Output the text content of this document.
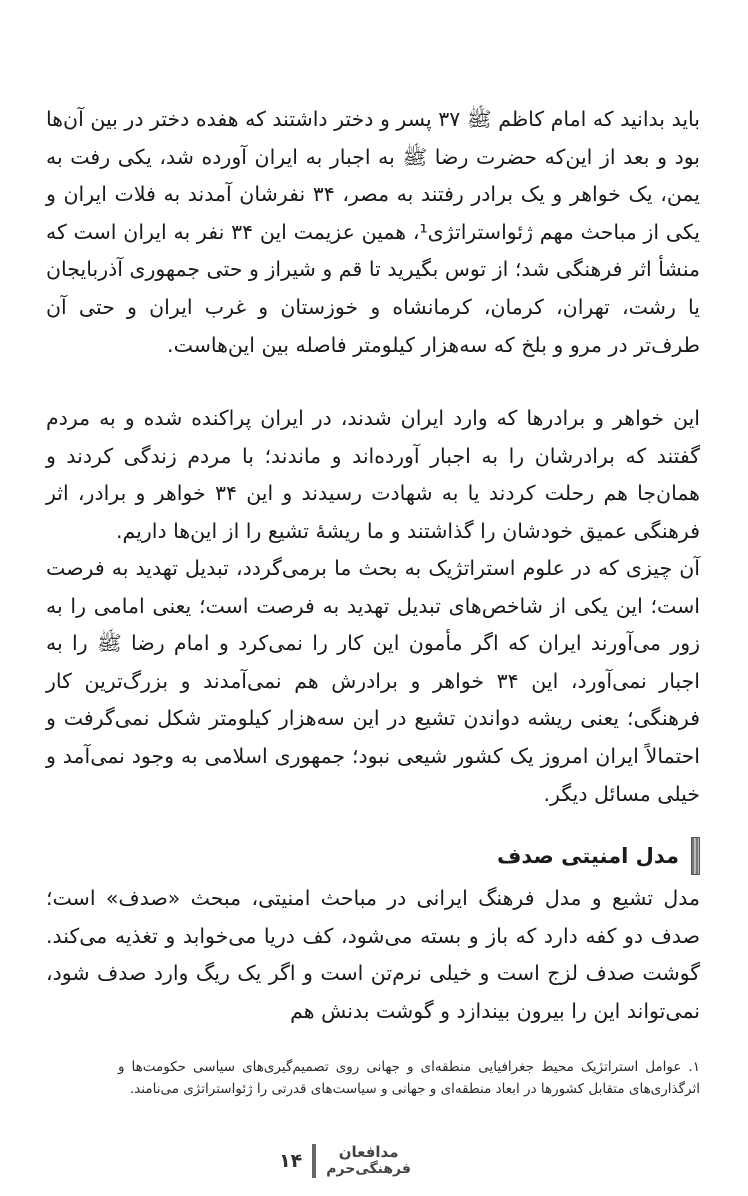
باید بدانید که امام کاظم ﷺ ۳۷ پسر و دختر داشتند که هفده دختر در بین آن‌ها بود و بعد از این‌که حضرت رضا ﷺ به اجبار به ایران آورده شد، یکی رفت به یمن، یک خواهر و یک برادر رفتند به مصر، ۳۴ نفرشان آمدند به فلات ایران و یکی از مباحث مهم ژئواستراتژی¹، همین عزیمت این ۳۴ نفر به ایران است که منشأ اثر فرهنگی شد؛ از توس بگیرید تا قم و شیراز و حتی جمهوری آذربایجان یا رشت، تهران، کرمان، کرمانشاه و خوزستان و غرب ایران و حتی آن طرف‌تر در مرو و بلخ که سه‌هزار کیلومتر فاصله بین این‌هاست.

این خواهر و برادرها که وارد ایران شدند، در ایران پراکنده شده و به مردم گفتند که برادرشان را به اجبار آورده‌اند و ماندند؛ با مردم زندگی کردند و همان‌جا هم رحلت کردند یا به شهادت رسیدند و این ۳۴ خواهر و برادر، اثر فرهنگی عمیق خودشان را گذاشتند و ما ریشهٔ تشیع را از این‌ها داریم.

آن چیزی که در علوم استراتژیک به بحث ما برمی‌گردد، تبدیل تهدید به فرصت است؛ این یکی از شاخص‌های تبدیل تهدید به فرصت است؛ یعنی امامی را به زور می‌آورند ایران که اگر مأمون این کار را نمی‌کرد و امام رضا ﷺ را به اجبار نمی‌آورد، این ۳۴ خواهر و برادرش هم نمی‌آمدند و بزرگ‌ترین کار فرهنگی؛ یعنی ریشه دواندن تشیع در این سه‌هزار کیلومتر شکل نمی‌گرفت و احتمالاً ایران امروز یک کشور شیعی نبود؛ جمهوری اسلامی به وجود نمی‌آمد و خیلی مسائل دیگر.

مدل امنیتی صدف

مدل تشیع و مدل فرهنگ ایرانی در مباحث امنیتی، مبحث «صدف» است؛ صدف دو کفه دارد که باز و بسته می‌شود، کف دریا می‌خوابد و تغذیه می‌کند. گوشت صدف لزج است و خیلی نرم‌تن است و اگر یک ریگ وارد صدف شود، نمی‌تواند این را بیرون بیندازد و گوشت بدنش هم

۱. عوامل استراتژیک محیط جغرافیایی منطقه‌ای و جهانی روی تصمیم‌گیری‌های سیاسی حکومت‌ها و اثرگذاری‌های متقابل کشورها در ابعاد منطقه‌ای و جهانی و سیاست‌های قدرتی را ژئواستراتژی می‌نامند.
۱۴ مدافعان
فرهنگی‌حرم
